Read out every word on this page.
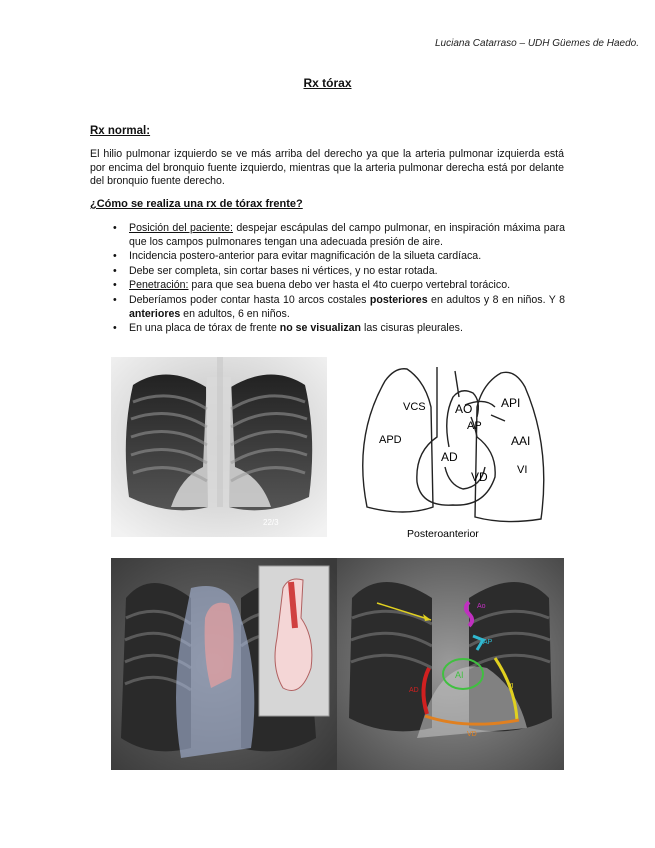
Luciana Catarraso – UDH Güemes de Haedo.
Rx tórax
Rx normal:
El hilio pulmonar izquierdo se ve más arriba del derecho ya que la arteria pulmonar izquierda está por encima del bronquio fuente izquierdo, mientras que la arteria pulmonar derecha está por delante del bronquio fuente derecho.
¿Cómo se realiza una rx de tórax frente?
• Posición del paciente: despejar escápulas del campo pulmonar, en inspiración máxima para que los campos pulmonares tengan una adecuada presión de aire.
• Incidencia postero-anterior para evitar magnificación de la silueta cardíaca.
• Debe ser completa, sin cortar bases ni vértices, y no estar rotada.
• Penetración: para que sea buena debo ver hasta el 4to cuerpo vertebral torácico.
• Deberíamos poder contar hasta 10 arcos costales posteriores en adultos y 8 en niños. Y 8 anteriores en adultos, 6 en niños.
• En una placa de tórax de frente no se visualizan las cisuras pleurales.
22/3
VCS AO API
AP
APD	AAI
AD
VD	VI
Posteroanterior
Ao
AP
AI
VI
AD
VD
